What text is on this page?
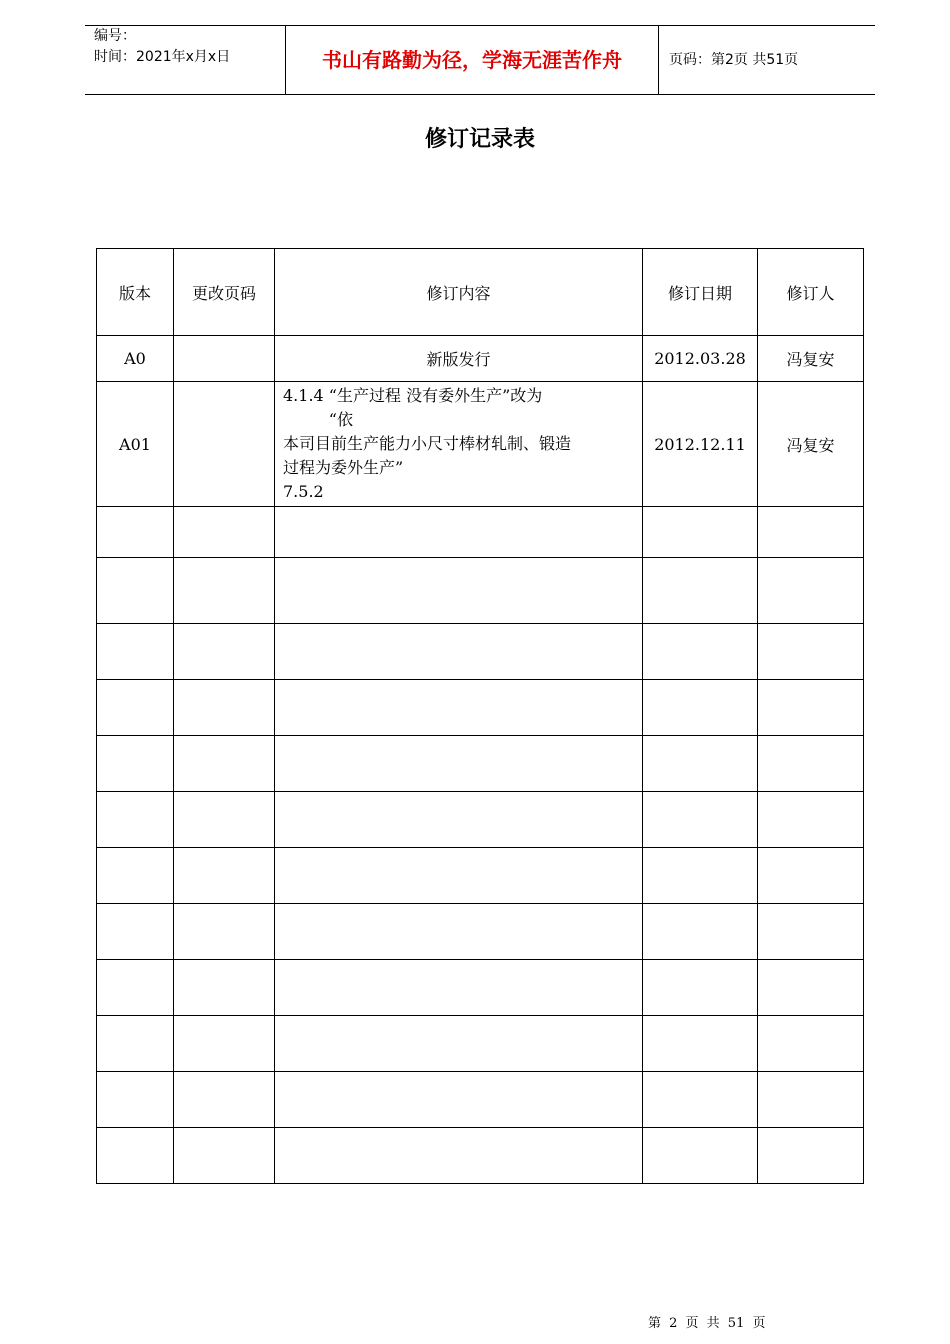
编号：
时间：2021年x月x日	书山有路勤为径，学海无涯苦作舟	页码：第2页 共51页
修订记录表
版本	更改页码	修订内容	修订日期	修订人
A0		新版发行	2012.03.28	冯复安
A01		4.1.4 “生产过程 没有委外生产”改为
“依
本司目前生产能力小尺寸棒材轧制、锻造
过程为委外生产”
7.5.2	2012.12.11	冯复安

第 2 页 共 51 页
